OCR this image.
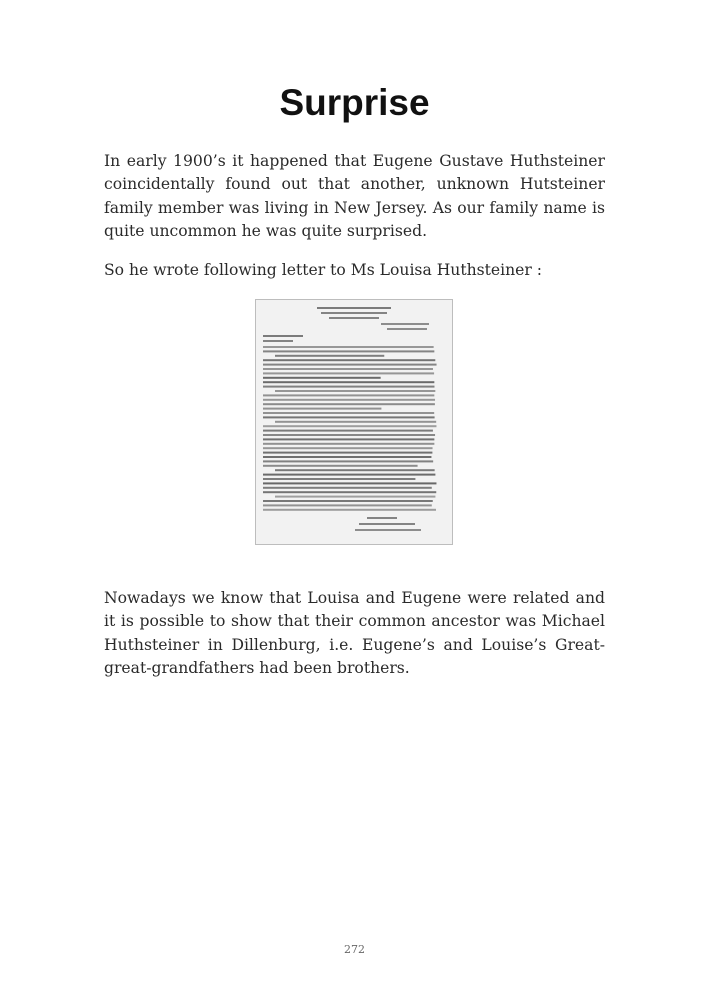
Surprise

In early 1900’s it happened that Eugene Gustave Huthsteiner coincidentally found out that another, unknown Hutsteiner family member was living in New Jersey. As our family name is quite uncommon he was quite surprised.

So he wrote following letter to Ms Louisa Huthsteiner :

Nowadays we know that Louisa and Eugene were related and it is possible to show that their common ancestor was Michael Huthsteiner in Dillenburg, i.e. Eugene’s and Louise’s Great-great-grandfathers had been brothers.

272
